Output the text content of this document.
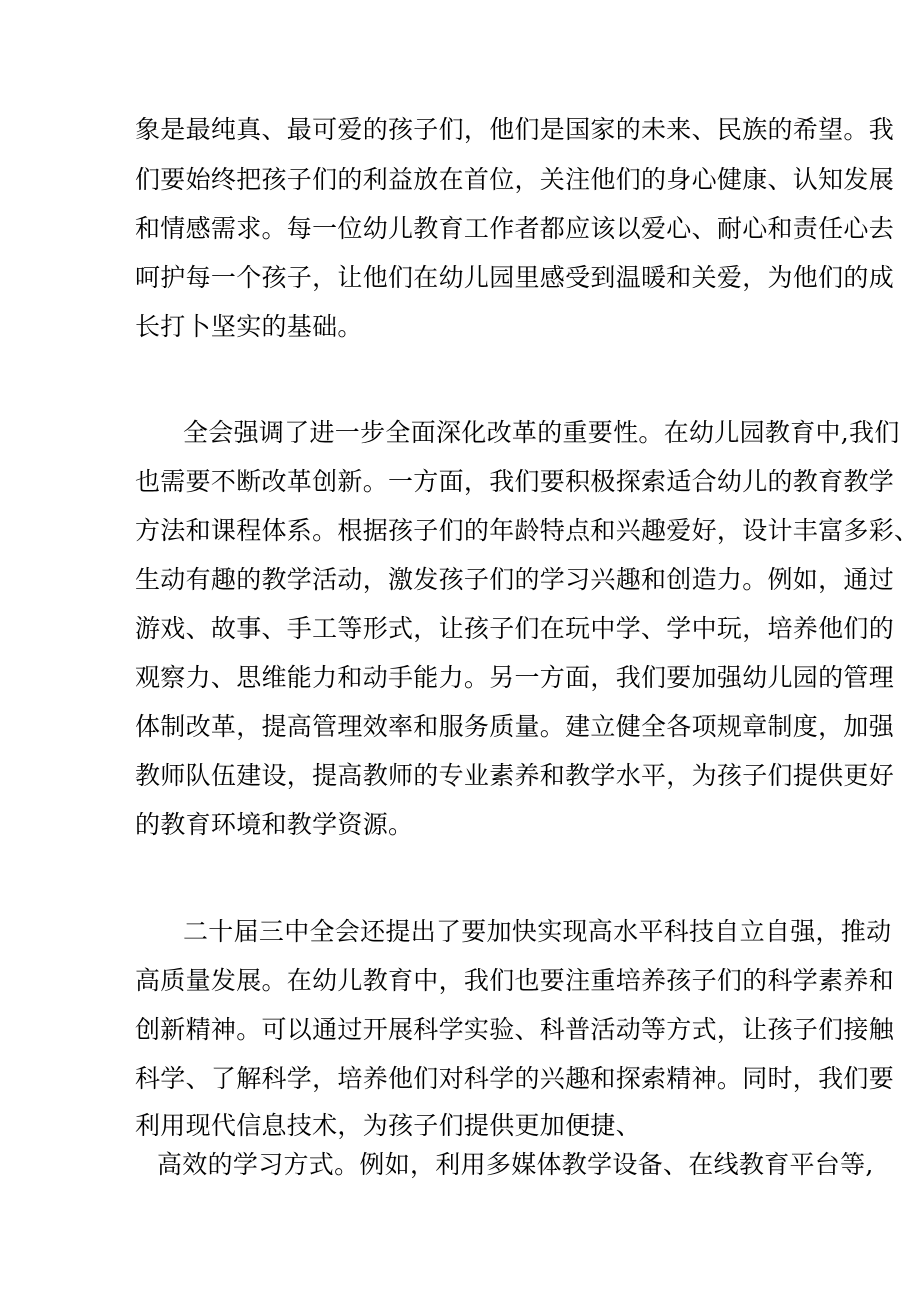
象是最纯真、最可爱的孩子们，他们是国家的未来、民族的希望。我
们要始终把孩子们的利益放在首位，关注他们的身心健康、认知发展
和情感需求。每一位幼儿教育工作者都应该以爱心、耐心和责任心去
呵护每一个孩子，让他们在幼儿园里感受到温暖和关爱，为他们的成
长打卜坚实的基础。
全会强调了进一步全面深化改革的重要性。在幼儿园教育中,我们
也需要不断改革创新。一方面，我们要积极探索适合幼儿的教育教学
方法和课程体系。根据孩子们的年龄特点和兴趣爱好，设计丰富多彩、
生动有趣的教学活动，激发孩子们的学习兴趣和创造力。例如，通过
游戏、故事、手工等形式，让孩子们在玩中学、学中玩，培养他们的
观察力、思维能力和动手能力。另一方面，我们要加强幼儿园的管理
体制改革，提高管理效率和服务质量。建立健全各项规章制度，加强
教师队伍建设，提高教师的专业素养和教学水平，为孩子们提供更好
的教育环境和教学资源。
二十届三中全会还提出了要加快实现高水平科技自立自强，推动
高质量发展。在幼儿教育中，我们也要注重培养孩子们的科学素养和
创新精神。可以通过开展科学实验、科普活动等方式，让孩子们接触
科学、了解科学，培养他们对科学的兴趣和探索精神。同时，我们要
利用现代信息技术，为孩子们提供更加便捷、
高效的学习方式。例如，利用多媒体教学设备、在线教育平台等,
